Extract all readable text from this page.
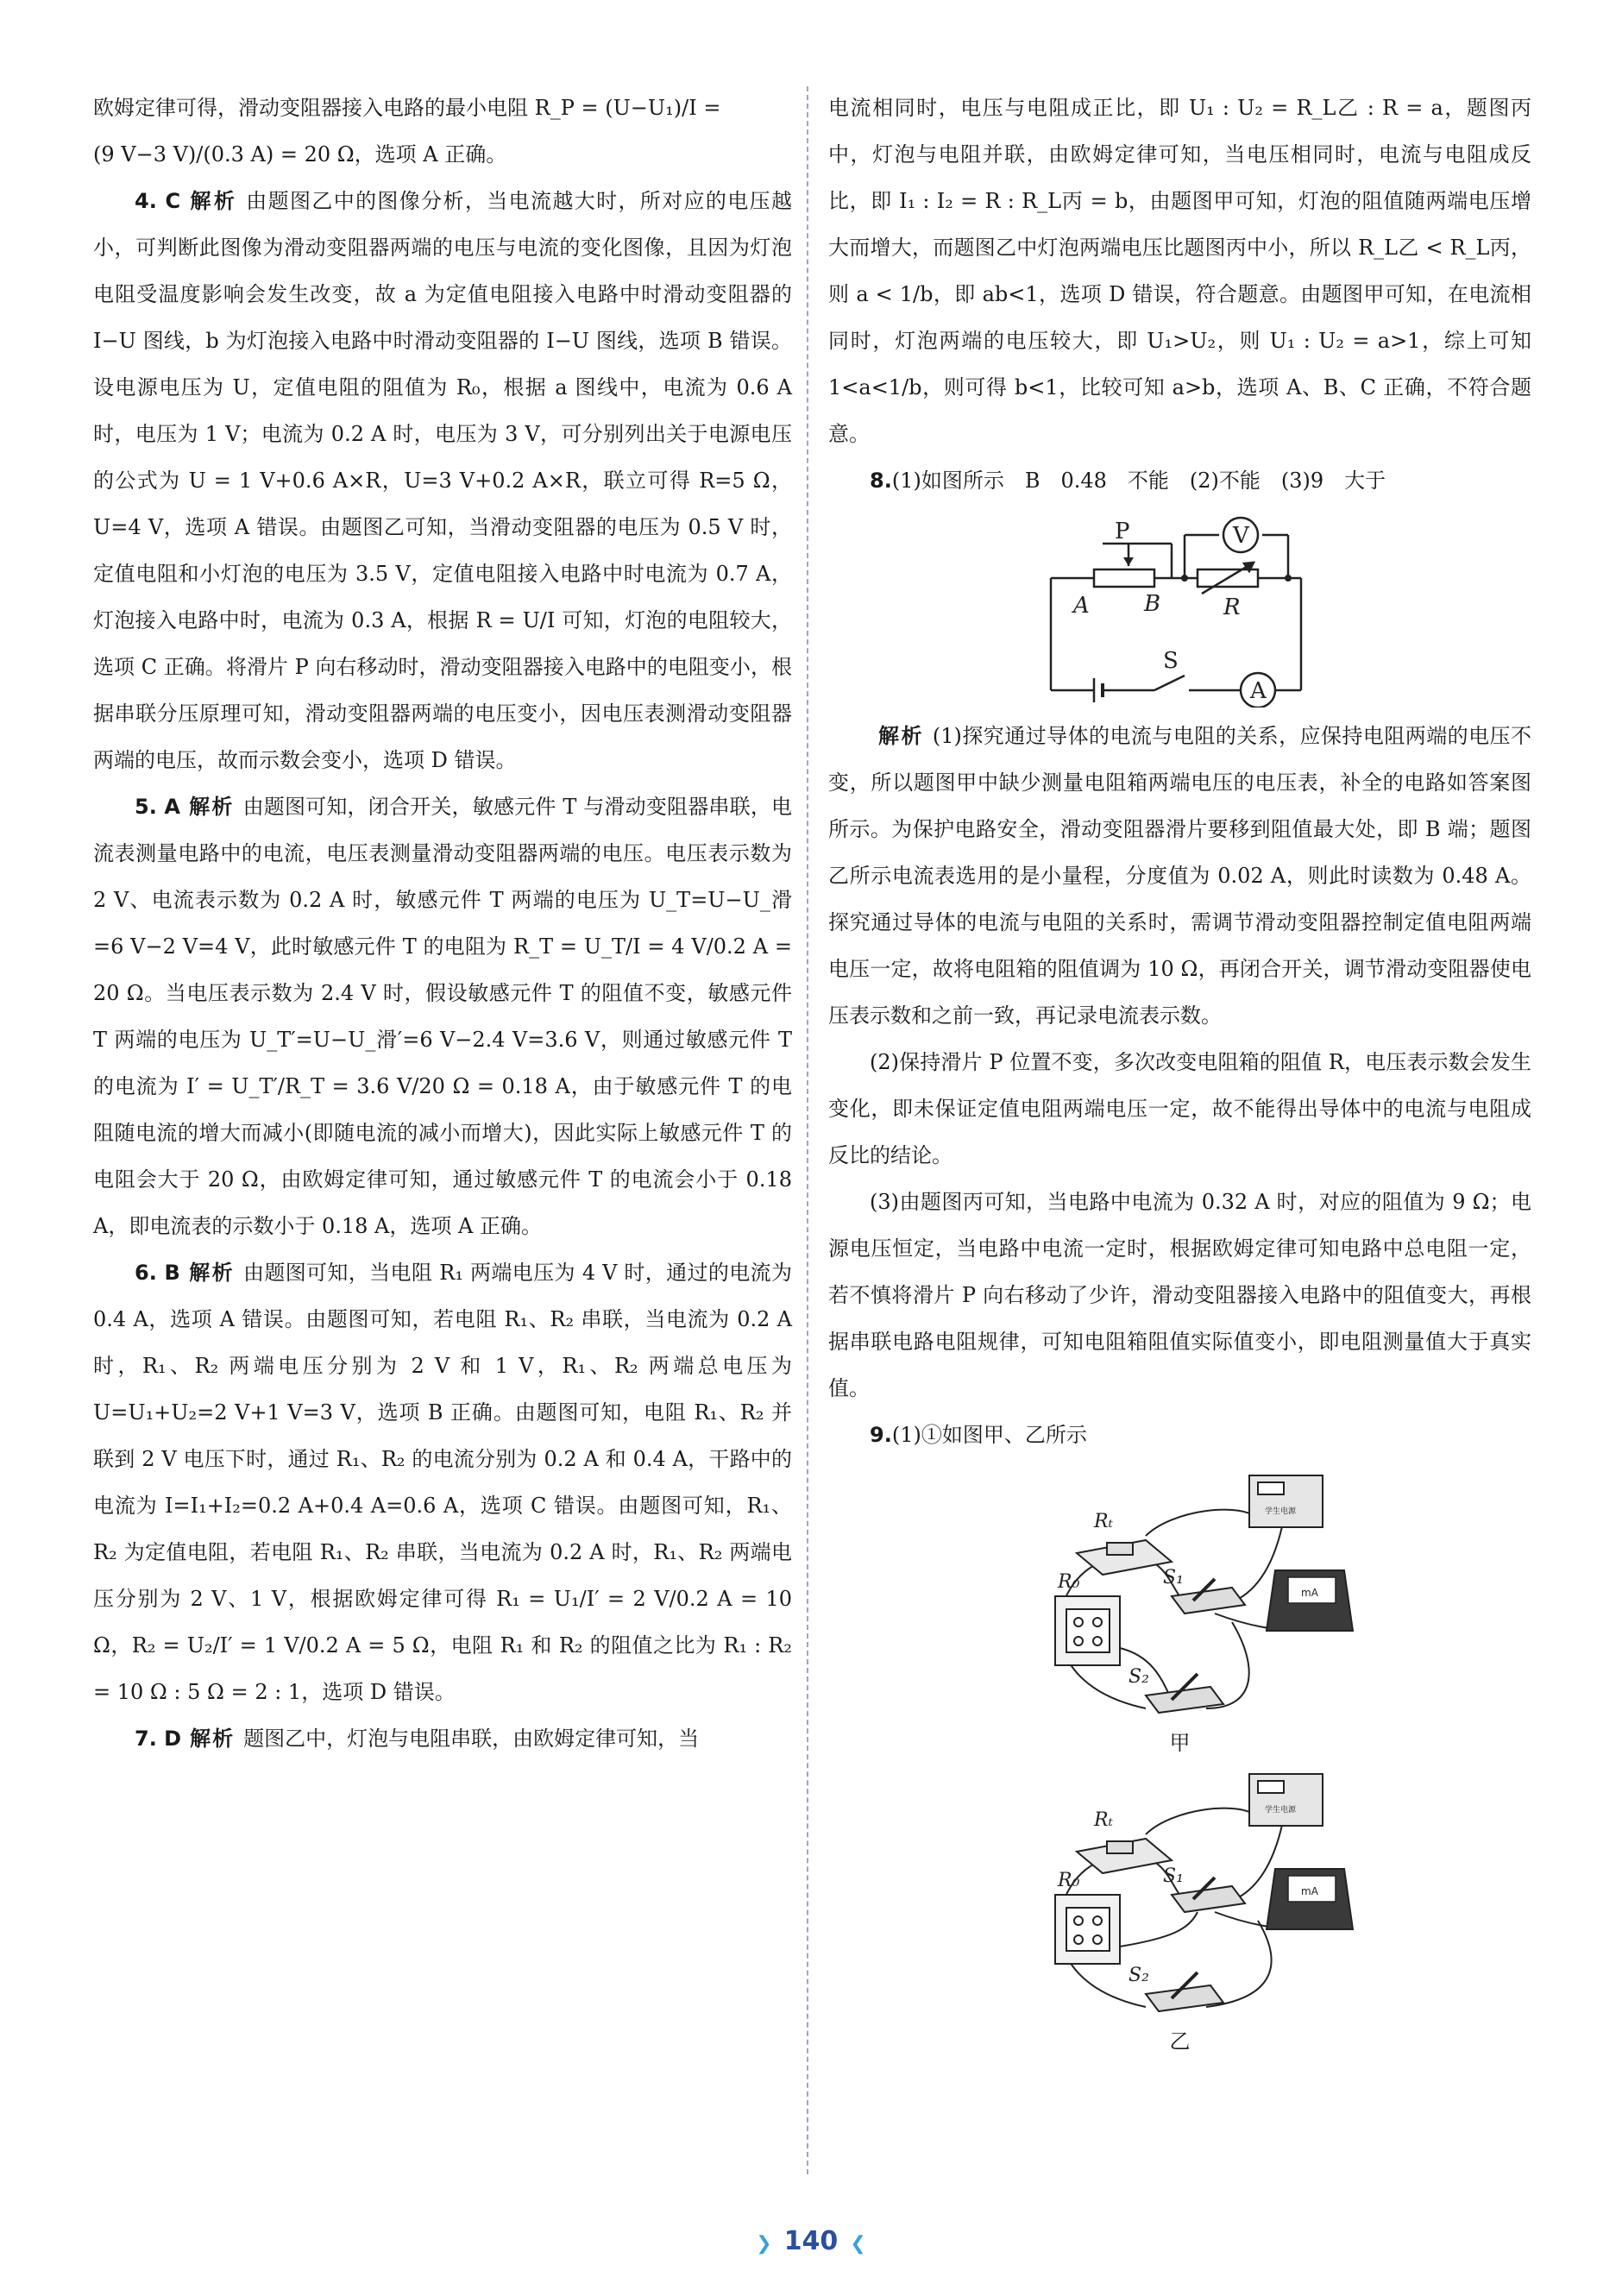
欧姆定律可得，滑动变阻器接入电路的最小电阻 R_P = (U−U₁)/I =

(9 V−3 V)/(0.3 A) = 20 Ω，选项 A 正确。

4. C 解析 由题图乙中的图像分析，当电流越大时，所对应的电压越小，可判断此图像为滑动变阻器两端的电压与电流的变化图像，且因为灯泡电阻受温度影响会发生改变，故 a 为定值电阻接入电路中时滑动变阻器的 I−U 图线，b 为灯泡接入电路中时滑动变阻器的 I−U 图线，选项 B 错误。设电源电压为 U，定值电阻的阻值为 R₀，根据 a 图线中，电流为 0.6 A 时，电压为 1 V；电流为 0.2 A 时，电压为 3 V，可分别列出关于电源电压的公式为 U = 1 V+0.6 A×R，U=3 V+0.2 A×R，联立可得 R=5 Ω，U=4 V，选项 A 错误。由题图乙可知，当滑动变阻器的电压为 0.5 V 时，定值电阻和小灯泡的电压为 3.5 V，定值电阻接入电路中时电流为 0.7 A，灯泡接入电路中时，电流为 0.3 A，根据 R = U/I 可知，灯泡的电阻较大，选项 C 正确。将滑片 P 向右移动时，滑动变阻器接入电路中的电阻变小，根据串联分压原理可知，滑动变阻器两端的电压变小，因电压表测滑动变阻器两端的电压，故而示数会变小，选项 D 错误。

5. A 解析 由题图可知，闭合开关，敏感元件 T 与滑动变阻器串联，电流表测量电路中的电流，电压表测量滑动变阻器两端的电压。电压表示数为 2 V、电流表示数为 0.2 A 时，敏感元件 T 两端的电压为 U_T=U−U_滑=6 V−2 V=4 V，此时敏感元件 T 的电阻为 R_T = U_T/I = 4 V/0.2 A = 20 Ω。当电压表示数为 2.4 V 时，假设敏感元件 T 的阻值不变，敏感元件 T 两端的电压为 U_T′=U−U_滑′=6 V−2.4 V=3.6 V，则通过敏感元件 T 的电流为 I′ = U_T′/R_T = 3.6 V/20 Ω = 0.18 A，由于敏感元件 T 的电阻随电流的增大而减小(即随电流的减小而增大)，因此实际上敏感元件 T 的电阻会大于 20 Ω，由欧姆定律可知，通过敏感元件 T 的电流会小于 0.18 A，即电流表的示数小于 0.18 A，选项 A 正确。

6. B 解析 由题图可知，当电阻 R₁ 两端电压为 4 V 时，通过的电流为 0.4 A，选项 A 错误。由题图可知，若电阻 R₁、R₂ 串联，当电流为 0.2 A 时，R₁、R₂ 两端电压分别为 2 V 和 1 V，R₁、R₂ 两端总电压为 U=U₁+U₂=2 V+1 V=3 V，选项 B 正确。由题图可知，电阻 R₁、R₂ 并联到 2 V 电压下时，通过 R₁、R₂ 的电流分别为 0.2 A 和 0.4 A，干路中的电流为 I=I₁+I₂=0.2 A+0.4 A=0.6 A，选项 C 错误。由题图可知，R₁、R₂ 为定值电阻，若电阻 R₁、R₂ 串联，当电流为 0.2 A 时，R₁、R₂ 两端电压分别为 2 V、1 V，根据欧姆定律可得 R₁ = U₁/I′ = 2 V/0.2 A = 10 Ω，R₂ = U₂/I′ = 1 V/0.2 A = 5 Ω，电阻 R₁ 和 R₂ 的阻值之比为 R₁ : R₂ = 10 Ω : 5 Ω = 2 : 1，选项 D 错误。

7. D 解析 题图乙中，灯泡与电阻串联，由欧姆定律可知，当

电流相同时，电压与电阻成正比，即 U₁ : U₂ = R_L乙 : R = a，题图丙中，灯泡与电阻并联，由欧姆定律可知，当电压相同时，电流与电阻成反比，即 I₁ : I₂ = R : R_L丙 = b，由题图甲可知，灯泡的阻值随两端电压增大而增大，而题图乙中灯泡两端电压比题图丙中小，所以 R_L乙 < R_L丙，则 a < 1/b，即 ab<1，选项 D 错误，符合题意。由题图甲可知，在电流相同时，灯泡两端的电压较大，即 U₁>U₂，则 U₁ : U₂ = a>1，综上可知 1<a<1/b，则可得 b<1，比较可知 a>b，选项 A、B、C 正确，不符合题意。

8.(1)如图所示　B　0.48　不能　(2)不能　(3)9　大于

P
A B	R
S
V
A

解析 (1)探究通过导体的电流与电阻的关系，应保持电阻两端的电压不变，所以题图甲中缺少测量电阻箱两端电压的电压表，补全的电路如答案图所示。为保护电路安全，滑动变阻器滑片要移到阻值最大处，即 B 端；题图乙所示电流表选用的是小量程，分度值为 0.02 A，则此时读数为 0.48 A。探究通过导体的电流与电阻的关系时，需调节滑动变阻器控制定值电阻两端电压一定，故将电阻箱的阻值调为 10 Ω，再闭合开关，调节滑动变阻器使电压表示数和之前一致，再记录电流表示数。

(2)保持滑片 P 位置不变，多次改变电阻箱的阻值 R，电压表示数会发生变化，即未保证定值电阻两端电压一定，故不能得出导体中的电流与电阻成反比的结论。

(3)由题图丙可知，当电路中电流为 0.32 A 时，对应的阻值为 9 Ω；电源电压恒定，当电路中电流一定时，根据欧姆定律可知电路中总电阻一定，若不慎将滑片 P 向右移动了少许，滑动变阻器接入电路中的阻值变大，再根据串联电路电阻规律，可知电阻箱阻值实际值变小，即电阻测量值大于真实值。

9.(1)①如图甲、乙所示

学生电源
mA
Rₜ
R₀	S₁
S₂

甲

学生电源
mA
Rₜ
R₀	S₁
S₂

乙

❯ 140 ❮
